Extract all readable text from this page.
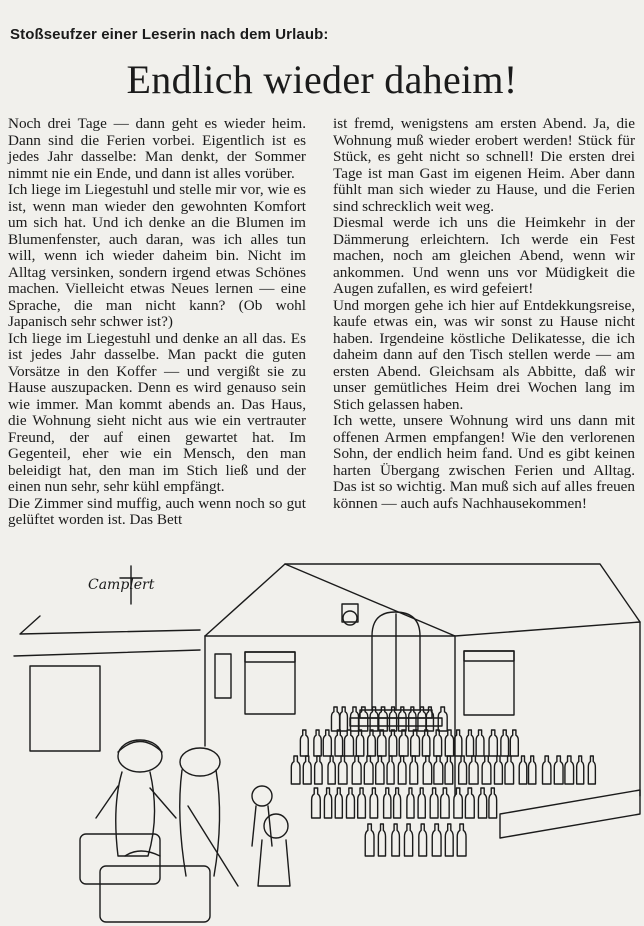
Stoßseufzer einer Leserin nach dem Urlaub:
Endlich wieder daheim!

Noch drei Tage — dann geht es wieder heim. Dann sind die Ferien vorbei. Eigentlich ist es jedes Jahr dasselbe: Man denkt, der Sommer nimmt nie ein Ende, und dann ist alles vorüber.

Ich liege im Liegestuhl und stelle mir vor, wie es ist, wenn man wieder den gewohnten Komfort um sich hat. Und ich denke an die Blumen im Blumenfenster, auch daran, was ich alles tun will, wenn ich wieder daheim bin. Nicht im Alltag versinken, sondern irgend etwas Schönes machen. Vielleicht etwas Neues lernen — eine Sprache, die man nicht kann? (Ob wohl Japanisch sehr schwer ist?)

Ich liege im Liegestuhl und denke an all das. Es ist jedes Jahr dasselbe. Man packt die guten Vorsätze in den Koffer — und vergißt sie zu Hause auszupacken. Denn es wird genauso sein wie immer. Man kommt abends an. Das Haus, die Wohnung sieht nicht aus wie ein vertrauter Freund, der auf einen gewartet hat. Im Gegenteil, eher wie ein Mensch, den man beleidigt hat, den man im Stich ließ und der einen nun sehr, sehr kühl empfängt.

Die Zimmer sind muffig, auch wenn noch so gut gelüftet worden ist. Das Bett

ist fremd, wenigstens am ersten Abend. Ja, die Wohnung muß wieder erobert werden! Stück für Stück, es geht nicht so schnell! Die ersten drei Tage ist man Gast im eigenen Heim. Aber dann fühlt man sich wieder zu Hause, und die Ferien sind schrecklich weit weg.

Diesmal werde ich uns die Heimkehr in der Dämmerung erleichtern. Ich werde ein Fest machen, noch am gleichen Abend, wenn wir ankommen. Und wenn uns vor Müdigkeit die Augen zufallen, es wird gefeiert!

Und morgen gehe ich hier auf Entdekkungsreise, kaufe etwas ein, was wir sonst zu Hause nicht haben. Irgendeine köstliche Delikatesse, die ich daheim dann auf den Tisch stellen werde — am ersten Abend. Gleichsam als Abbitte, daß wir unser gemütliches Heim drei Wochen lang im Stich gelassen haben.

Ich wette, unsere Wohnung wird uns dann mit offenen Armen empfangen! Wie den verlorenen Sohn, der endlich heim fand. Und es gibt keinen harten Übergang zwischen Ferien und Alltag. Das ist so wichtig. Man muß sich auf alles freuen können — auch aufs Nachhausekommen!

Camplert
